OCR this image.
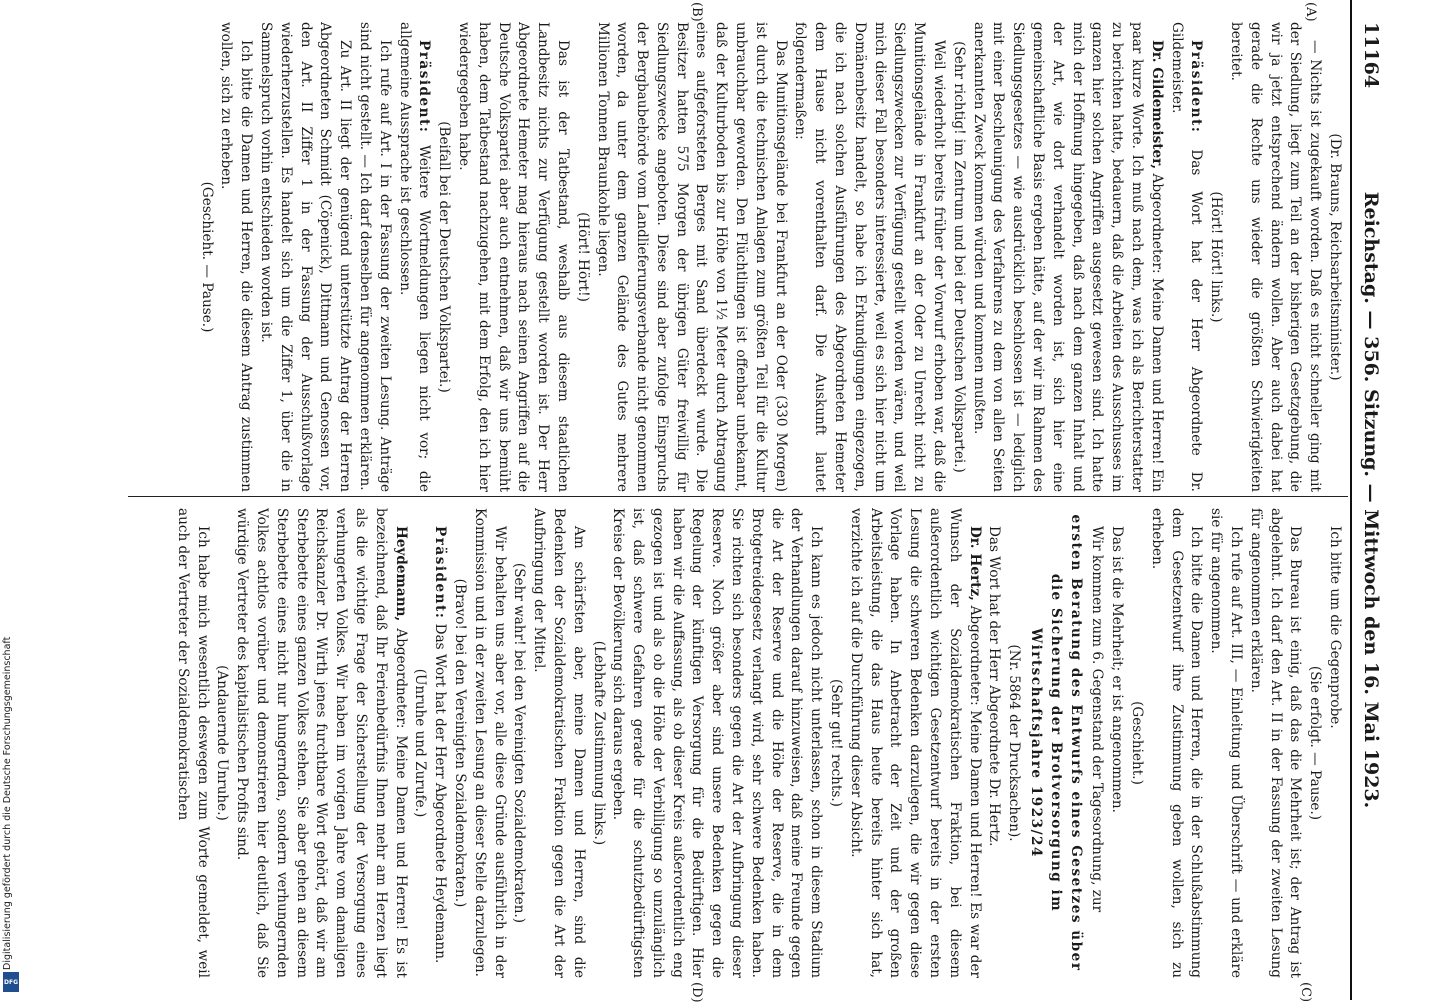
Digitalisierung gefördert durch die Deutsche Forschungsgemeinschaft
DFG
11164
Reichstag. — 356. Sitzung. — Mittwoch den 16. Mai 1923.
(A)
(B)
(C)
(D)

(Dr. Brauns, Reichsarbeitsminister.)

— Nichts ist zugekauft worden. Daß es nicht schneller ging mit der Siedlung, liegt zum Teil an der bisherigen Gesetzgebung, die wir ja jetzt entsprechend ändern wollen. Aber auch dabei hat gerade die Rechte uns wieder die größten Schwierigkeiten bereitet.

(Hört! Hört! links.)

Präsident: Das Wort hat der Herr Abgeordnete Dr. Gildemeister.

Dr. Gildemeister, Abgeordneter: Meine Damen und Herren! Ein paar kurze Worte. Ich muß nach dem, was ich als Berichterstatter zu berichten hatte, bedauern, daß die Arbeiten des Ausschusses im ganzen hier solchen Angriffen ausgesetzt gewesen sind. Ich hatte mich der Hoffnung hingegeben, daß nach dem ganzen Inhalt und der Art, wie dort verhandelt worden ist, sich hier eine gemeinschaftliche Basis ergeben hätte, auf der wir im Rahmen des Siedlungsgesetzes — wie ausdrücklich beschlossen ist — lediglich mit einer Beschleunigung des Verfahrens zu dem von allen Seiten anerkannten Zweck kommen würden und kommen mußten.

(Sehr richtig! im Zentrum und bei der Deutschen Volkspartei.)

Weil wiederholt bereits früher der Vorwurf erhoben war, daß die Munitionsgelände in Frankfurt an der Oder zu Unrecht nicht zu Siedlungszwecken zur Verfügung gestellt worden wären, und weil mich dieser Fall besonders interessierte, weil es sich hier nicht um Domänenbesitz handelt, so habe ich Erkundigungen eingezogen, die ich nach solchen Ausführungen des Abgeordneten Hemeter dem Hause nicht vorenthalten darf. Die Auskunft lautet folgendermaßen:

Das Munitionsgelände bei Frankfurt an der Oder (330 Morgen) ist durch die technischen Anlagen zum größten Teil für die Kultur unbrauchbar geworden. Den Flüchtlingen ist offenbar unbekannt, daß der Kulturboden bis zur Höhe von 1½ Meter durch Abtragung eines aufgeforsteten Berges mit Sand überdeckt wurde. Die Besitzer hatten 575 Morgen der übrigen Güter freiwillig für Siedlungszwecke angeboten. Diese sind aber zufolge Einspruchs der Bergbaubehörde vom Landlieferungsverbande nicht genommen worden, da unter dem ganzen Gelände des Gutes mehrere Millionen Tonnen Braunkohle liegen.

(Hört! Hört!)

Das ist der Tatbestand, weshalb aus diesem staatlichen Landbesitz nichts zur Verfügung gestellt worden ist. Der Herr Abgeordnete Hemeter mag hieraus nach seinen Angriffen auf die Deutsche Volkspartei aber auch entnehmen, daß wir uns bemüht haben, dem Tatbestand nachzugehen, mit dem Erfolg, den ich hier wiedergegeben habe.

(Beifall bei der Deutschen Volkspartei.)

Präsident: Weitere Wortmeldungen liegen nicht vor; die allgemeine Aussprache ist geschlossen.

Ich rufe auf Art. I in der Fassung der zweiten Lesung. Anträge sind nicht gestellt. — Ich darf denselben für angenommen erklären.

Zu Art. II liegt der genügend unterstützte Antrag der Herren Abgeordneten Schmidt (Cöpenick), Dittmann und Genossen vor, den Art. II Ziffer 1 in der Fassung der Ausschußvorlage wiederherzustellen. Es handelt sich um die Ziffer 1, über die in Sammelspruch vorhin entschieden worden ist.

Ich bitte die Damen und Herren, die diesem Antrag zustimmen wollen, sich zu erheben.

(Geschieht. — Pause.)

Ich bitte um die Gegenprobe.

(Sie erfolgt. — Pause.)

Das Bureau ist einig, daß das die Mehrheit ist; der Antrag ist abgelehnt. Ich darf den Art. II in der Fassung der zweiten Lesung für angenommen erklären.

Ich rufe auf Art. III, — Einleitung und Überschrift — und erkläre sie für angenommen.

Ich bitte die Damen und Herren, die in der Schlußabstimmung dem Gesetzentwurf ihre Zustimmung geben wollen, sich zu erheben.

(Geschieht.)

Das ist die Mehrheit; er ist angenommen.

Wir kommen zum 6. Gegenstand der Tagesordnung, zur

ersten Beratung des Entwurfs eines Gesetzes über die Sicherung der Brotversorgung im Wirtschaftsjahre 1923/24

(Nr. 5864 der Drucksachen).

Das Wort hat der Herr Abgeordnete Dr. Hertz.

Dr. Hertz, Abgeordneter: Meine Damen und Herren! Es war der Wunsch der Sozialdemokratischen Fraktion, bei diesem außerordentlich wichtigen Gesetzentwurf bereits in der ersten Lesung die schweren Bedenken darzulegen, die wir gegen diese Vorlage haben. In Anbetracht der Zeit und der großen Arbeitsleistung, die das Haus heute bereits hinter sich hat, verzichte ich auf die Durchführung dieser Absicht.

(Sehr gut! rechts.)

Ich kann es jedoch nicht unterlassen, schon in diesem Stadium der Verhandlungen darauf hinzuweisen, daß meine Freunde gegen die Art der Reserve und die Höhe der Reserve, die in dem Brotgetreidegesetz verlangt wird, sehr schwere Bedenken haben. Sie richten sich besonders gegen die Art der Aufbringung dieser Reserve. Noch größer aber sind unsere Bedenken gegen die Regelung der künftigen Versorgung für die Bedürftigen. Hier haben wir die Auffassung, als ob dieser Kreis außerordentlich eng gezogen ist und als ob die Höhe der Verbilligung so unzulänglich ist, daß schwere Gefahren gerade für die schutzbedürftigsten Kreise der Bevölkerung sich daraus ergeben.

(Lebhafte Zustimmung links.)

Am schärfsten aber, meine Damen und Herren, sind die Bedenken der Sozialdemokratischen Fraktion gegen die Art der Aufbringung der Mittel.

(Sehr wahr! bei den Vereinigten Sozialdemokraten.)

Wir behalten uns aber vor, alle diese Gründe ausführlich in der Kommission und in der zweiten Lesung an dieser Stelle darzulegen.

(Bravo! bei den Vereinigten Sozialdemokraten.)

Präsident: Das Wort hat der Herr Abgeordnete Heydemann.

(Unruhe und Zurufe.)

Heydemann, Abgeordneter: Meine Damen und Herren! Es ist bezeichnend, daß Ihr Ferienbedürfnis Ihnen mehr am Herzen liegt als die wichtige Frage der Sicherstellung der Versorgung eines verhungerten Volkes. Wir haben im vorigen Jahre vom damaligen Reichskanzler Dr. Wirth jenes furchtbare Wort gehört, daß wir am Sterbebette eines ganzen Volkes stehen. Sie aber gehen an diesem Sterbebette eines nicht nur hungernden, sondern verhungernden Volkes achtlos vorüber und demonstrieren hier deutlich, daß Sie würdige Vertreter des kapitalistischen Profits sind.

(Andauernde Unruhe.)

Ich habe mich wesentlich deswegen zum Worte gemeldet, weil auch der Vertreter der Sozialdemokratischen
